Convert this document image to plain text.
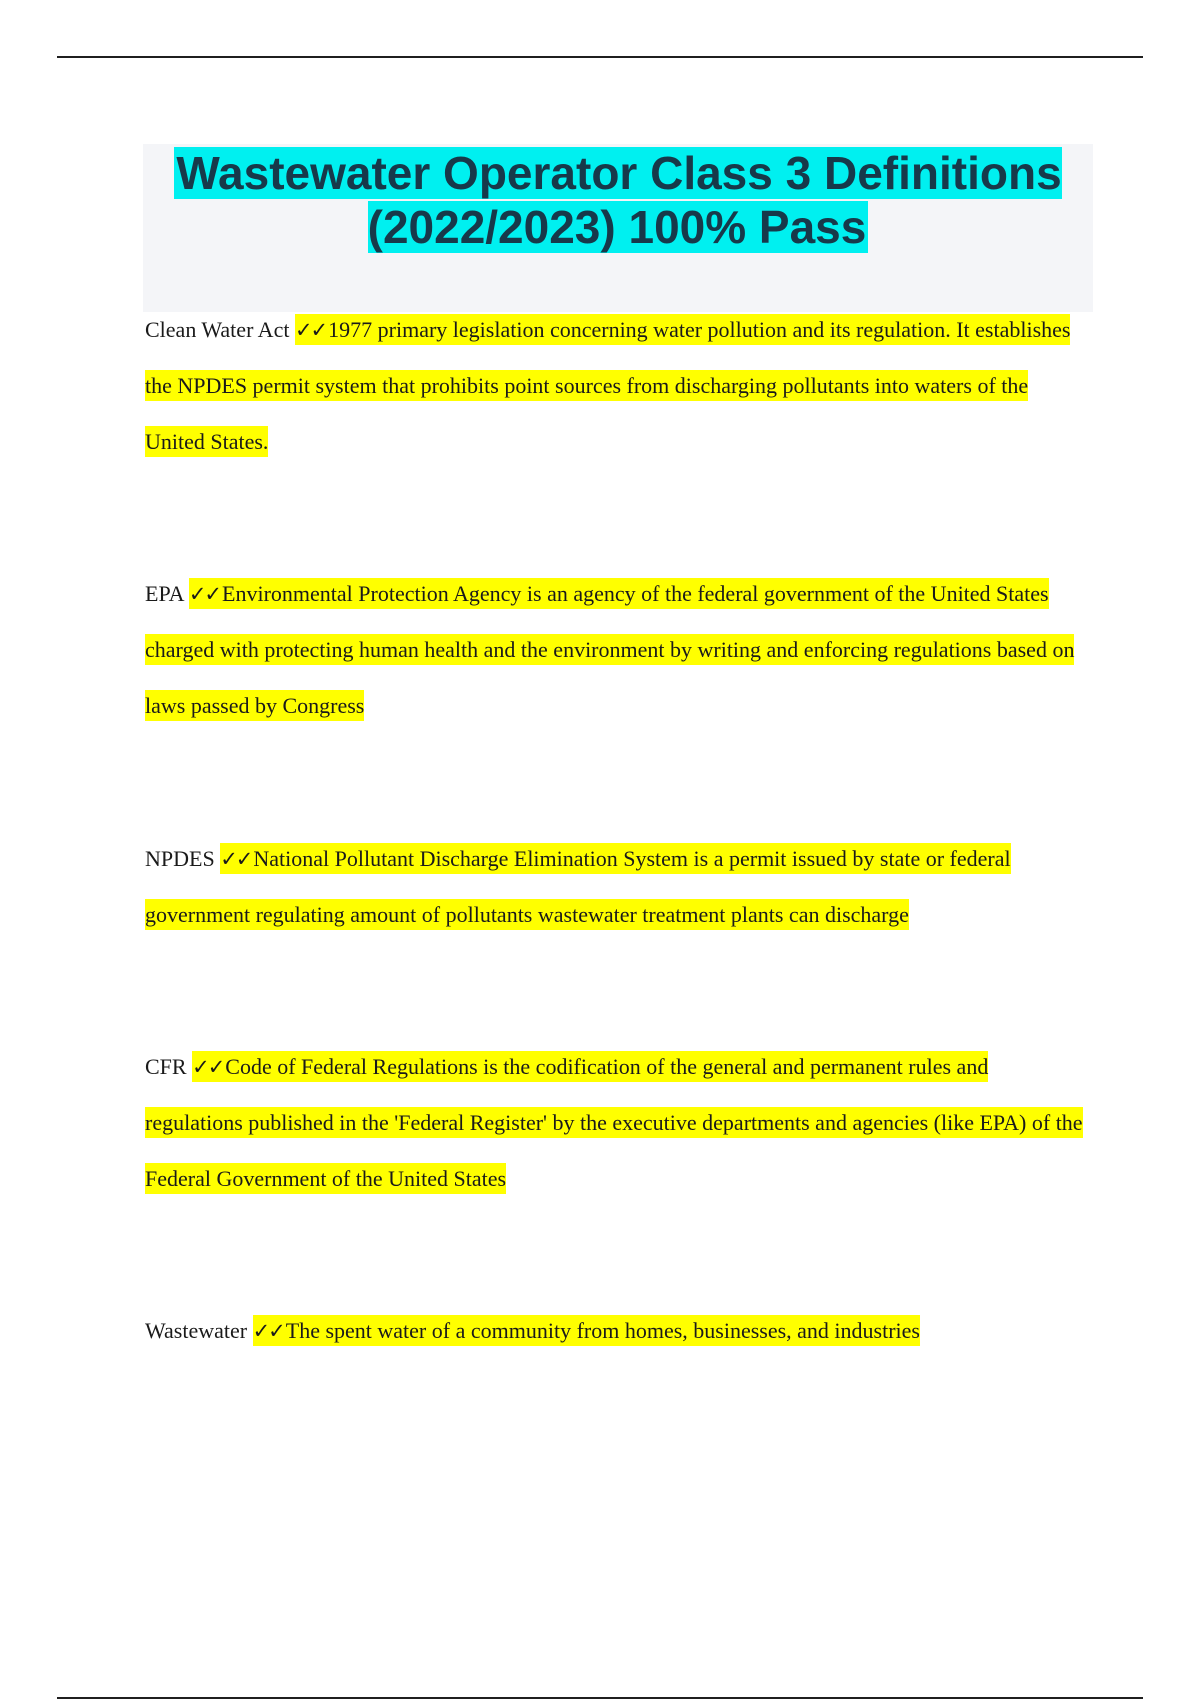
Wastewater Operator Class 3 Definitions (2022/2023) 100% Pass

Clean Water Act ✓✓1977 primary legislation concerning water pollution and its regulation. It establishes the NPDES permit system that prohibits point sources from discharging pollutants into waters of the United States.

EPA ✓✓Environmental Protection Agency is an agency of the federal government of the United States charged with protecting human health and the environment by writing and enforcing regulations based on laws passed by Congress

NPDES ✓✓National Pollutant Discharge Elimination System is a permit issued by state or federal government regulating amount of pollutants wastewater treatment plants can discharge

CFR ✓✓Code of Federal Regulations is the codification of the general and permanent rules and regulations published in the 'Federal Register' by the executive departments and agencies (like EPA) of the Federal Government of the United States

Wastewater ✓✓The spent water of a community from homes, businesses, and industries
